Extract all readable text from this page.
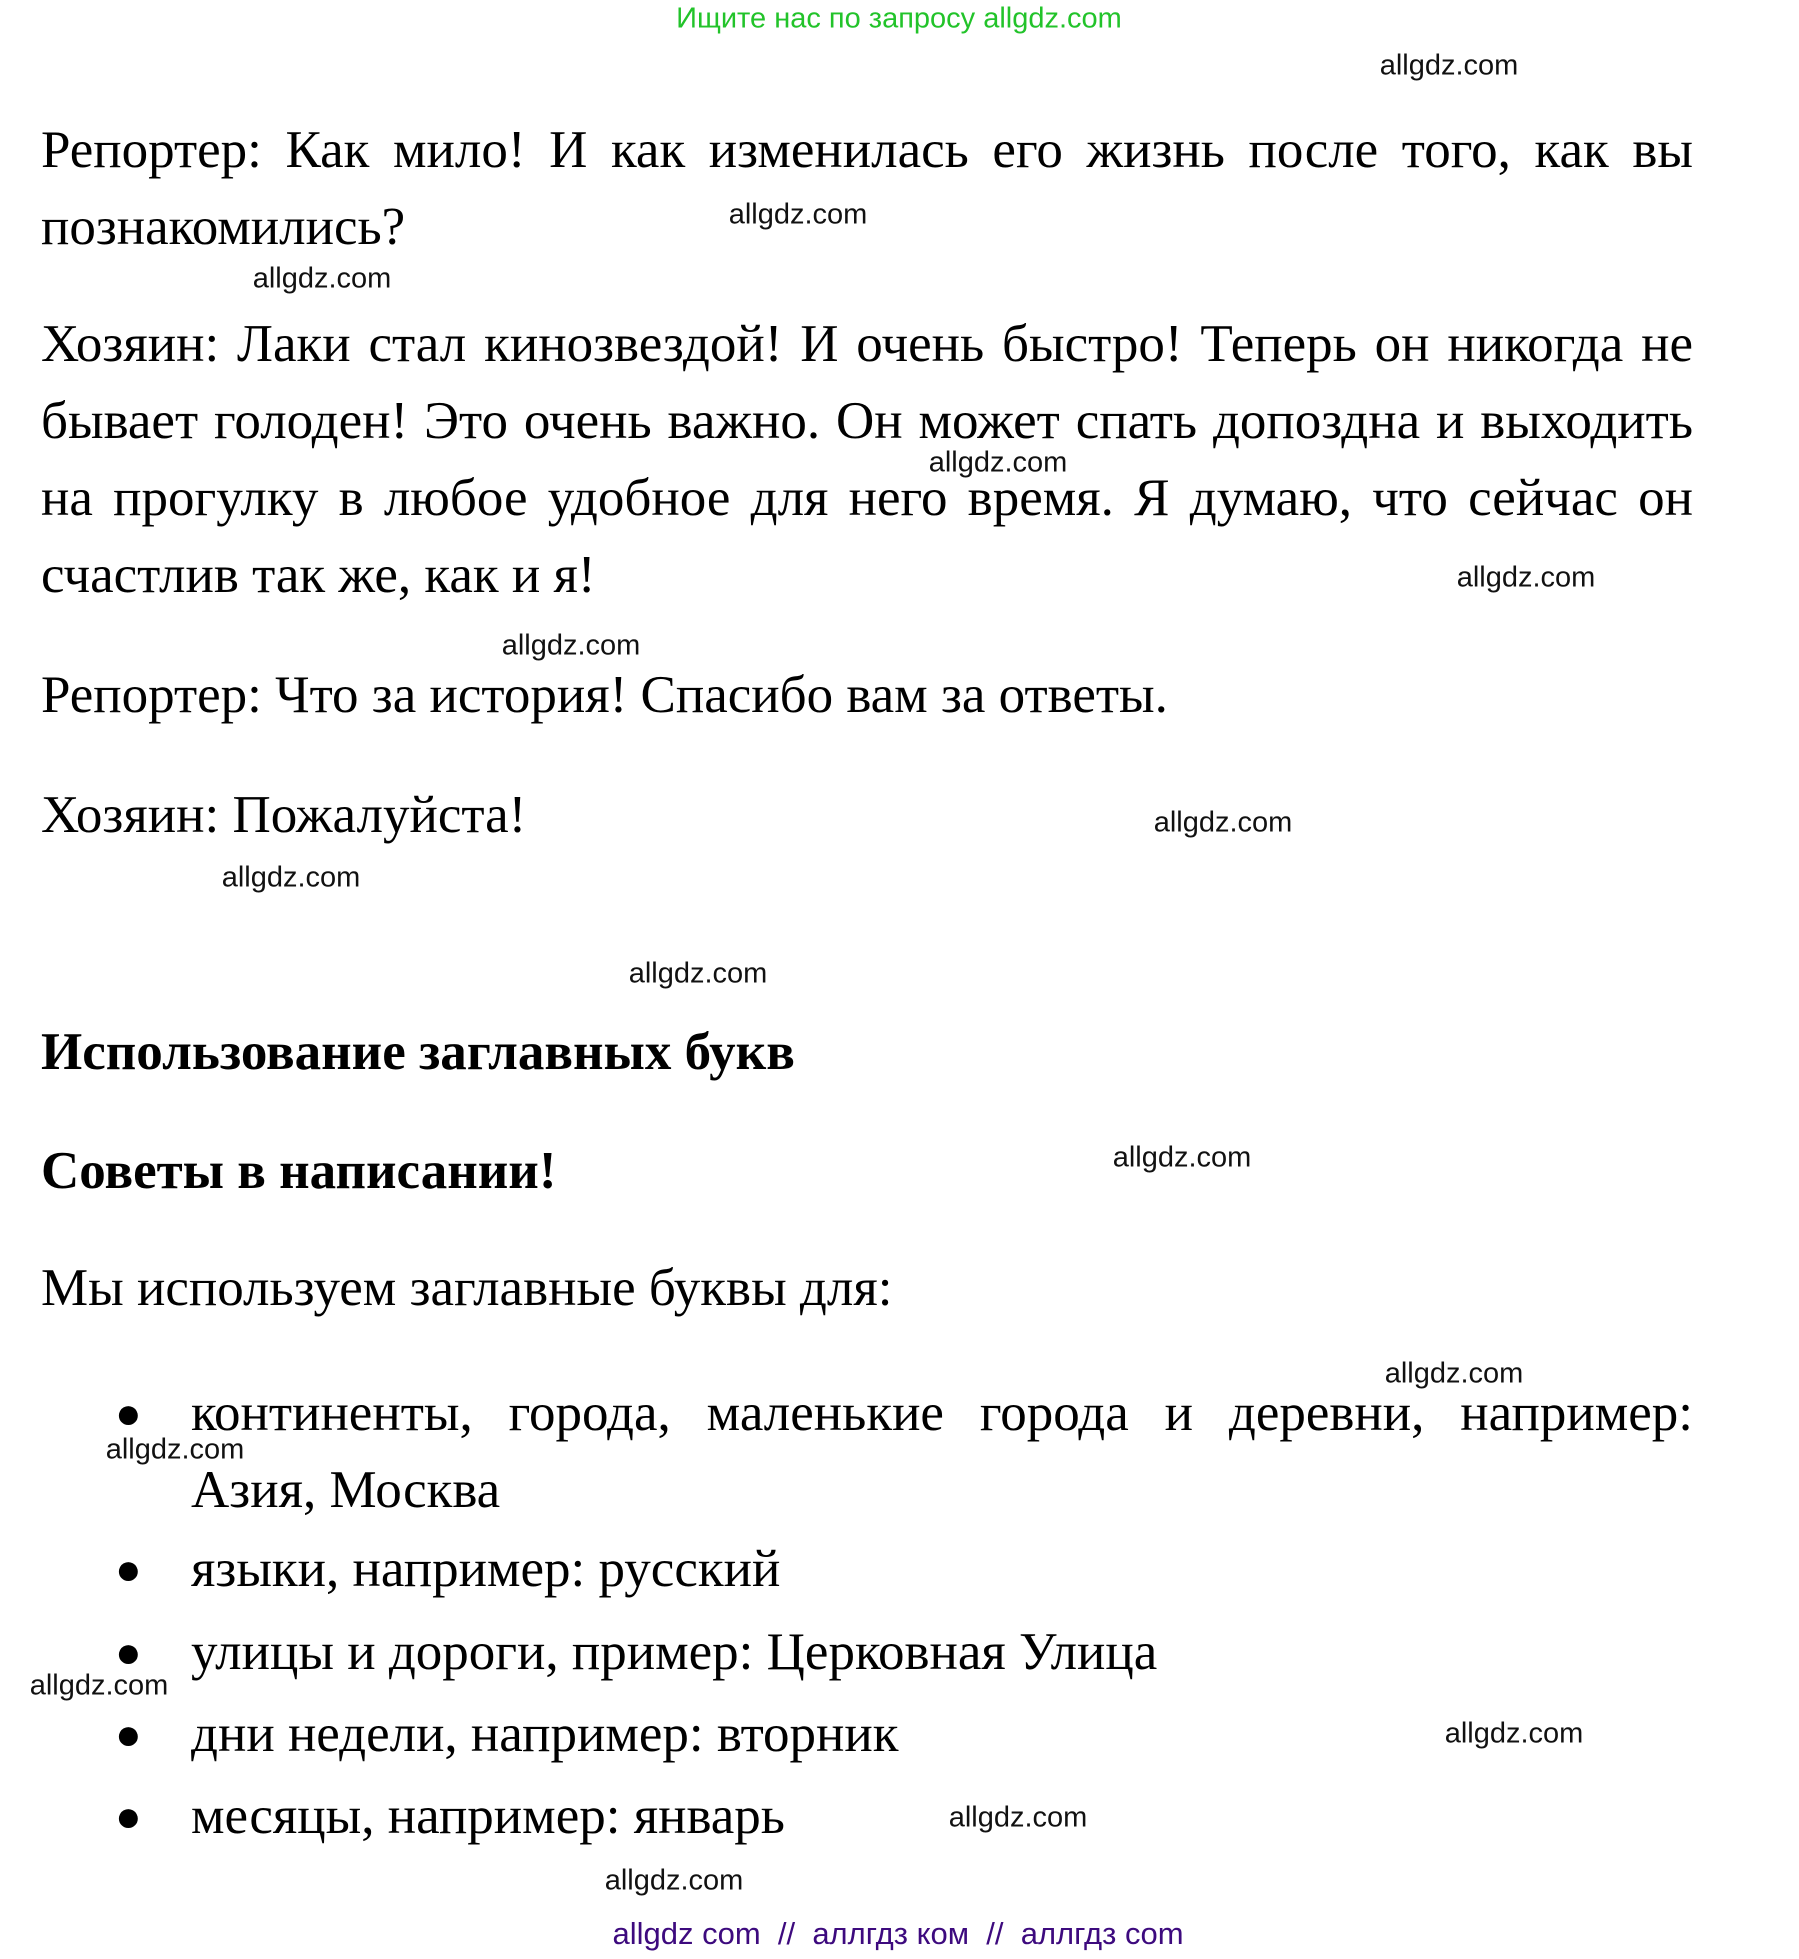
Ищите нас по запросу allgdz.com
Репортер: Как мило! И как изменилась его жизнь после того, как вы познакомились?
Хозяин: Лаки стал кинозвездой! И очень быстро! Теперь он никогда не бывает голоден! Это очень важно. Он может спать допоздна и выходить на прогулку в любое удобное для него время. Я думаю, что сейчас он счастлив так же, как и я!
Репортер: Что за история! Спасибо вам за ответы.
Хозяин: Пожалуйста!
Использование заглавных букв
Советы в написании!
Мы используем заглавные буквы для:
● континенты, города, маленькие города и деревни, например: Азия, Москва
● языки, например: русский
● улицы и дороги, пример: Церковная Улица
● дни недели, например: вторник
● месяцы, например: январь
allgdz.com
allgdz.com
allgdz.com
allgdz.com
allgdz.com
allgdz.com
allgdz.com
allgdz.com
allgdz.com
allgdz.com
allgdz.com
allgdz.com
allgdz.com
allgdz.com
allgdz.com
allgdz.com
allgdz com  //  аллгдз ком  //  аллгдз com
